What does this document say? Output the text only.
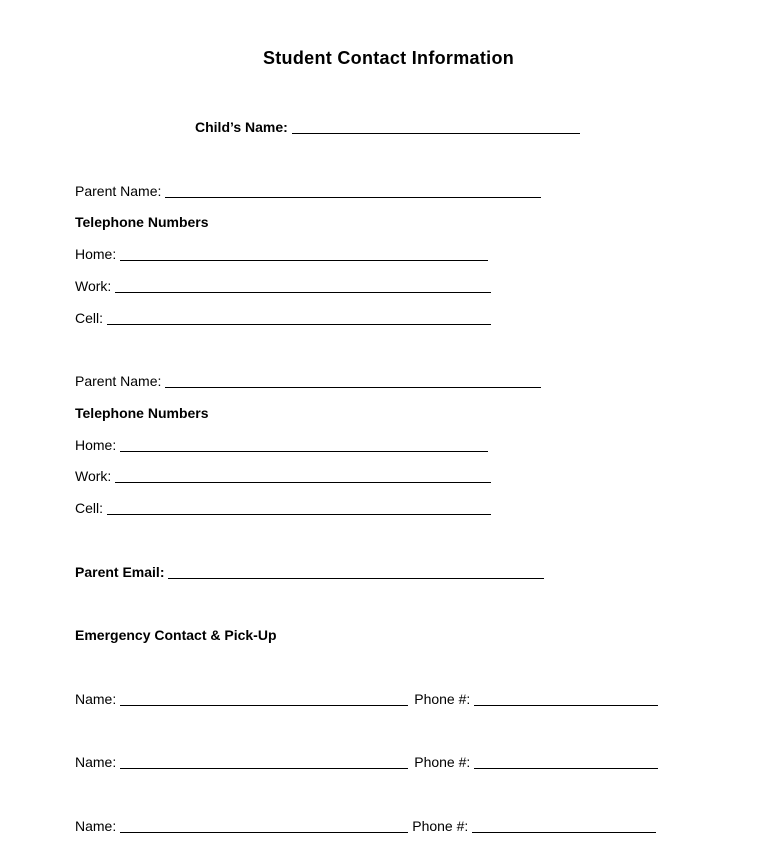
Student Contact Information
Child’s Name:
Parent Name:
Telephone Numbers
Home:
Work:
Cell:
Parent Name:
Telephone Numbers
Home:
Work:
Cell:
Parent Email:
Emergency Contact & Pick-Up
Name:	Phone #:
Name:	Phone #:
Name:	Phone #:
